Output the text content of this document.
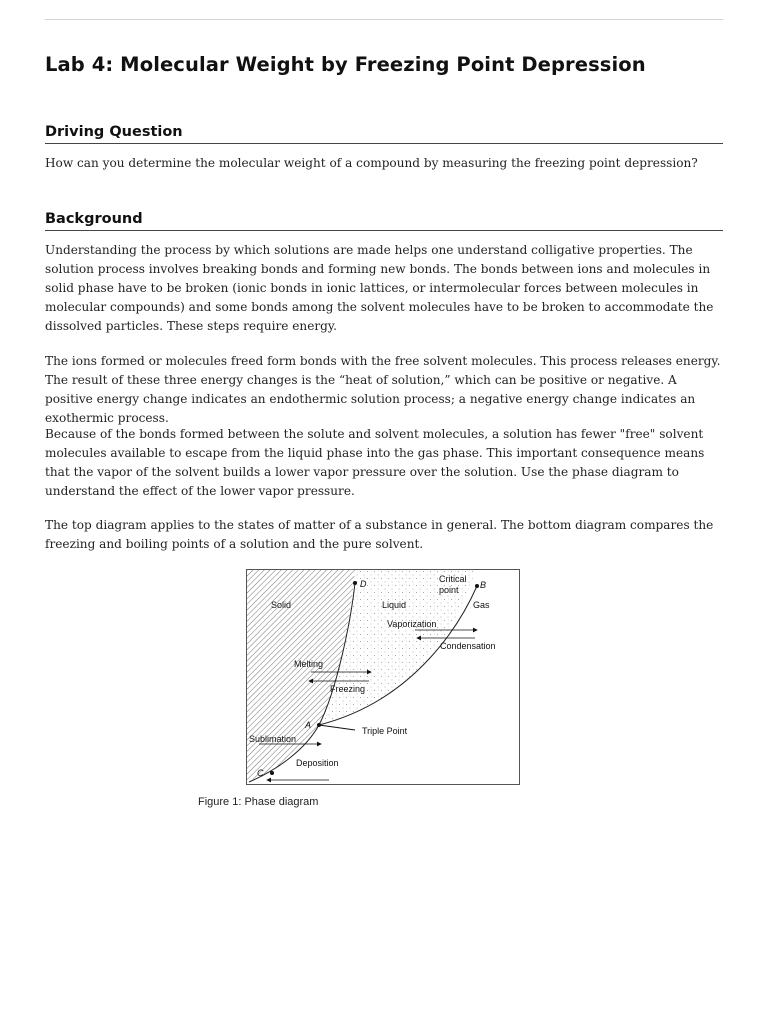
Lab 4: Molecular Weight by Freezing Point Depression
Driving Question

How can you determine the molecular weight of a compound by measuring the freezing point depression?

Background

Understanding the process by which solutions are made helps one understand colligative properties. The solution process involves breaking bonds and forming new bonds. The bonds between ions and molecules in solid phase have to be broken (ionic bonds in ionic lattices, or intermolecular forces between molecules in molecular compounds) and some bonds among the solvent molecules have to be broken to accommodate the dissolved particles. These steps require energy.

The ions formed or molecules freed form bonds with the free solvent molecules. This process releases energy. The result of these three energy changes is the “heat of solution,” which can be positive or negative. A positive energy change indicates an endothermic solution process; a negative energy change indicates an exothermic process.

Because of the bonds formed between the solute and solvent molecules, a solution has fewer "free" solvent molecules available to escape from the liquid phase into the gas phase. This important consequence means that the vapor of the solvent builds a lower vapor pressure over the solution. Use the phase diagram to understand the effect of the lower vapor pressure.

The top diagram applies to the states of matter of a substance in general. The bottom diagram compares the freezing and boiling points of a solution and the pure solvent.

Solid	Liquid	Gas
Critical
point
D	B
A
C
Vaporization
Condensation
Melting
Freezing
Triple Point
Sublimation
Deposition

Figure 1: Phase diagram
